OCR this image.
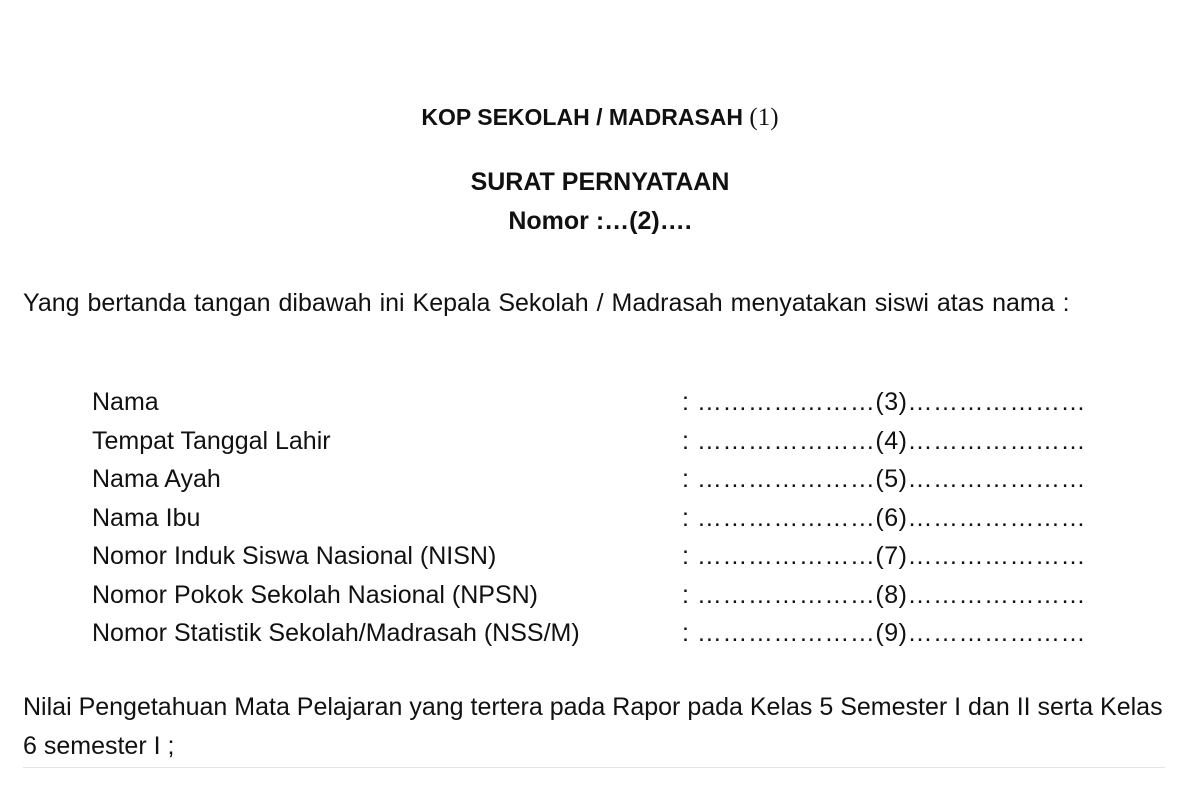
KOP SEKOLAH / MADRASAH (1)
SURAT PERNYATAAN
Nomor :…(2)….

Yang bertanda tangan dibawah ini Kepala Sekolah / Madrasah menyatakan siswi atas nama :

Nama	: …………………(3)…………………
Tempat Tanggal Lahir	: …………………(4)…………………
Nama Ayah	: …………………(5)…………………
Nama Ibu	: …………………(6)…………………
Nomor Induk Siswa Nasional (NISN)	: …………………(7)…………………
Nomor Pokok Sekolah Nasional (NPSN)	: …………………(8)…………………
Nomor Statistik Sekolah/Madrasah (NSS/M)	: …………………(9)…………………

Nilai Pengetahuan Mata Pelajaran yang tertera pada Rapor pada Kelas 5 Semester I dan II serta Kelas 6 semester I ;
